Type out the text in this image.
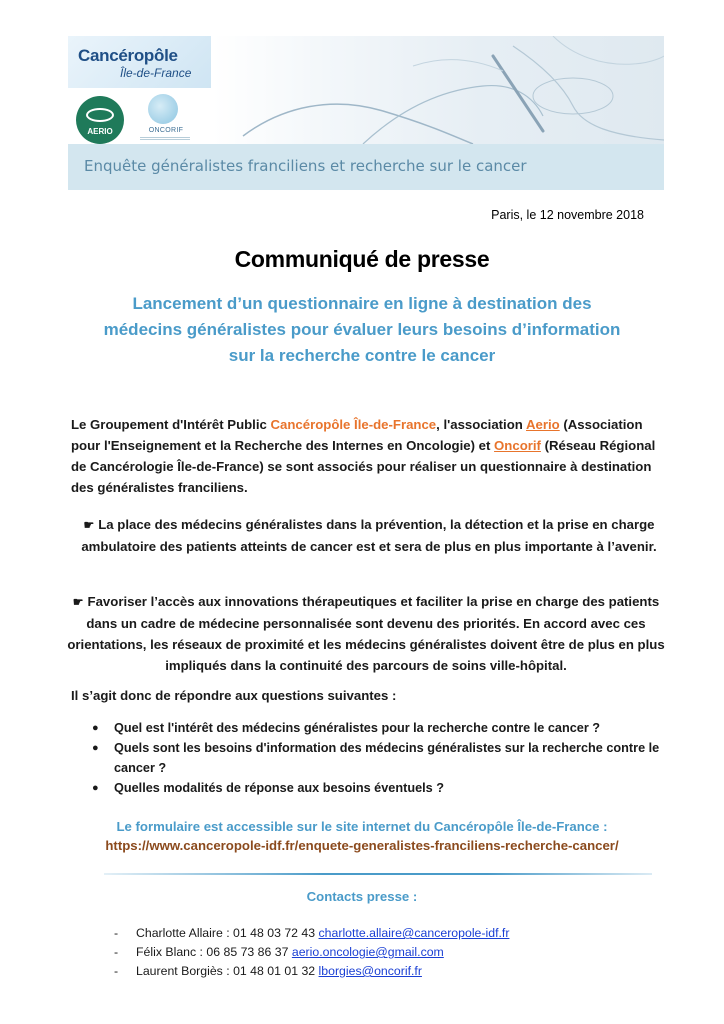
Cancéropôle
Île-de-France
AERIO	ONCORIF
Enquête généralistes franciliens et recherche sur le cancer
Paris, le 12 novembre 2018
Communiqué de presse
Lancement d’un questionnaire en ligne à destination des
médecins généralistes pour évaluer leurs besoins d’information
sur la recherche contre le cancer

Le Groupement d'Intérêt Public Cancéropôle Île-de-France, l'association Aerio (Association pour l'Enseignement et la Recherche des Internes en Oncologie) et Oncorif (Réseau Régional de Cancérologie Île-de-France) se sont associés pour réaliser un questionnaire à destination des généralistes franciliens.

☛ La place des médecins généralistes dans la prévention, la détection et la prise en charge ambulatoire des patients atteints de cancer est et sera de plus en plus importante à l’avenir.

☛ Favoriser l’accès aux innovations thérapeutiques et faciliter la prise en charge des patients dans un cadre de médecine personnalisée sont devenu des priorités. En accord avec ces orientations, les réseaux de proximité et les médecins généralistes doivent être de plus en plus impliqués dans la continuité des parcours de soins ville-hôpital.

Il s’agit donc de répondre aux questions suivantes :

● Quel est l'intérêt des médecins généralistes pour la recherche contre le cancer ?
● Quels sont les besoins d'information des médecins généralistes sur la recherche contre le cancer ?
● Quelles modalités de réponse aux besoins éventuels ?
Le formulaire est accessible sur le site internet du Cancéropôle Île-de-France :
https://www.canceropole-idf.fr/enquete-generalistes-franciliens-recherche-cancer/
Contacts presse :
- Charlotte Allaire : 01 48 03 72 43 charlotte.allaire@canceropole-idf.fr
- Félix Blanc : 06 85 73 86 37 aerio.oncologie@gmail.com
- Laurent Borgiès : 01 48 01 01 32 lborgies@oncorif.fr
